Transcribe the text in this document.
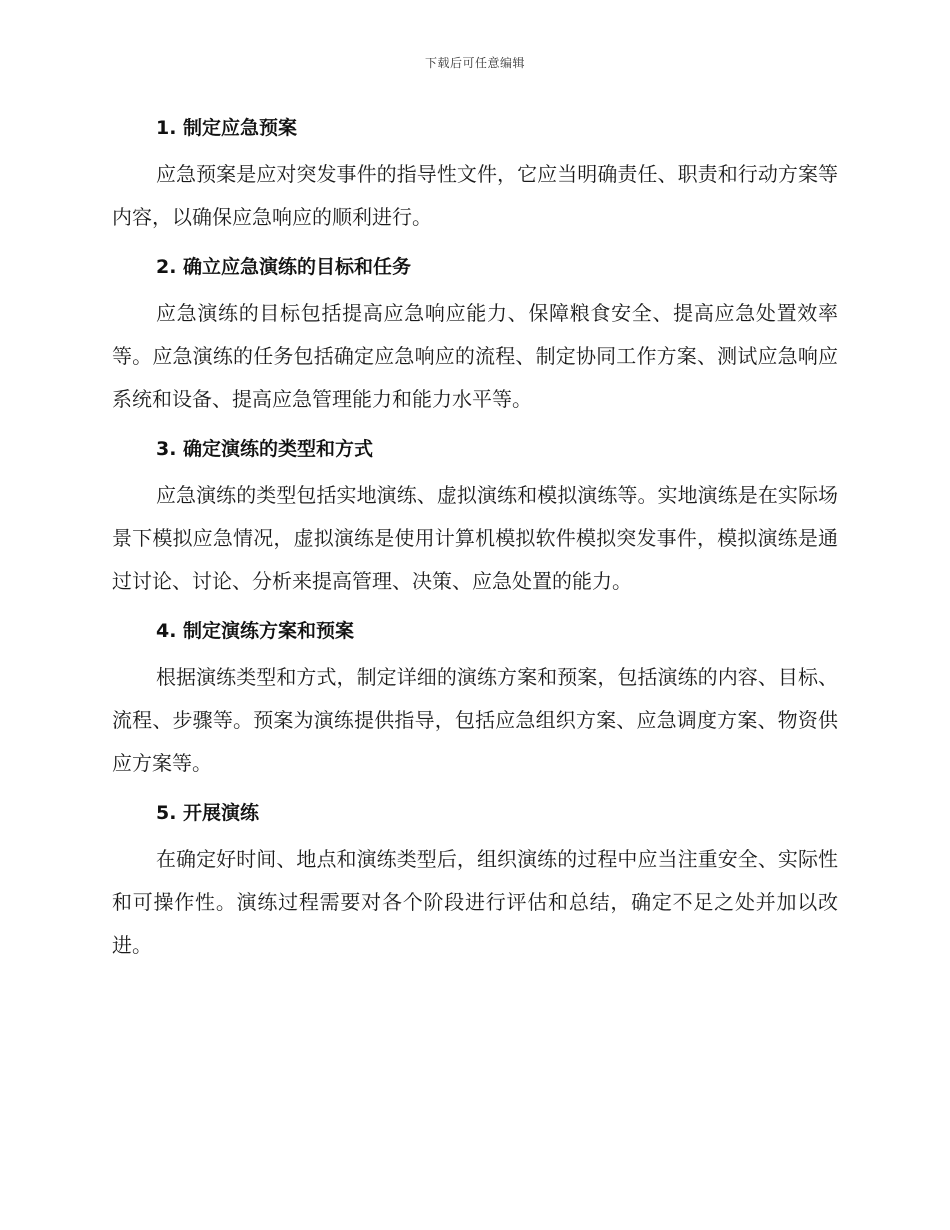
下载后可任意编辑
1. 制定应急预案

应急预案是应对突发事件的指导性文件，它应当明确责任、职责和行动方案等内容，以确保应急响应的顺利进行。

2. 确立应急演练的目标和任务

应急演练的目标包括提高应急响应能力、保障粮食安全、提高应急处置效率等。应急演练的任务包括确定应急响应的流程、制定协同工作方案、测试应急响应系统和设备、提高应急管理能力和能力水平等。

3. 确定演练的类型和方式

应急演练的类型包括实地演练、虚拟演练和模拟演练等。实地演练是在实际场景下模拟应急情况，虚拟演练是使用计算机模拟软件模拟突发事件，模拟演练是通过讨论、讨论、分析来提高管理、决策、应急处置的能力。

4. 制定演练方案和预案

根据演练类型和方式，制定详细的演练方案和预案，包括演练的内容、目标、流程、步骤等。预案为演练提供指导，包括应急组织方案、应急调度方案、物资供应方案等。

5. 开展演练

在确定好时间、地点和演练类型后，组织演练的过程中应当注重安全、实际性和可操作性。演练过程需要对各个阶段进行评估和总结，确定不足之处并加以改进。
